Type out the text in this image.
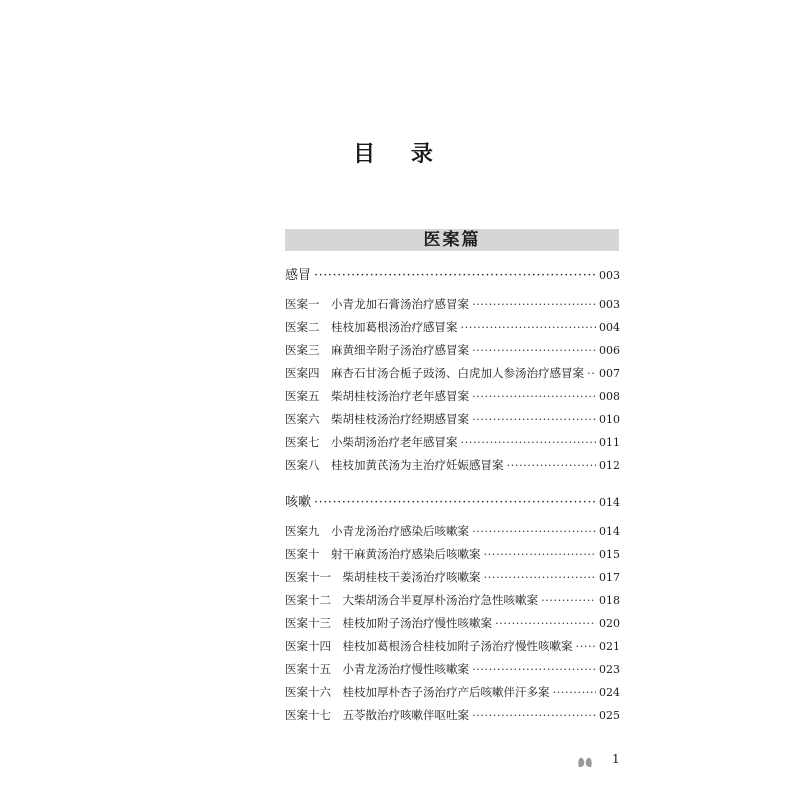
目 录
医案篇
感冒 ·····	003
医案一　小青龙加石膏汤治疗感冒案 ·····	003
医案二　桂枝加葛根汤治疗感冒案 ·····	004
医案三　麻黄细辛附子汤治疗感冒案 ·····	006
医案四　麻杏石甘汤合栀子豉汤、白虎加人参汤治疗感冒案 ····· 007
医案五　柴胡桂枝汤治疗老年感冒案 ·····	008
医案六　柴胡桂枝汤治疗经期感冒案 ·····	010
医案七　小柴胡汤治疗老年感冒案 ·····	011
医案八　桂枝加黄芪汤为主治疗妊娠感冒案 ·····	012
咳嗽 ·····	014
医案九　小青龙汤治疗感染后咳嗽案 ·····	014
医案十　射干麻黄汤治疗感染后咳嗽案 ·····	015
医案十一　柴胡桂枝干姜汤治疗咳嗽案 ·····	017
医案十二　大柴胡汤合半夏厚朴汤治疗急性咳嗽案 ·····	018
医案十三　桂枝加附子汤治疗慢性咳嗽案 ·····	020
医案十四　桂枝加葛根汤合桂枝加附子汤治疗慢性咳嗽案 ····· 021
医案十五　小青龙汤治疗慢性咳嗽案 ·····	023
医案十六　桂枝加厚朴杏子汤治疗产后咳嗽伴汗多案 ·····	024
医案十七　五苓散治疗咳嗽伴呕吐案 ·····	025
1
